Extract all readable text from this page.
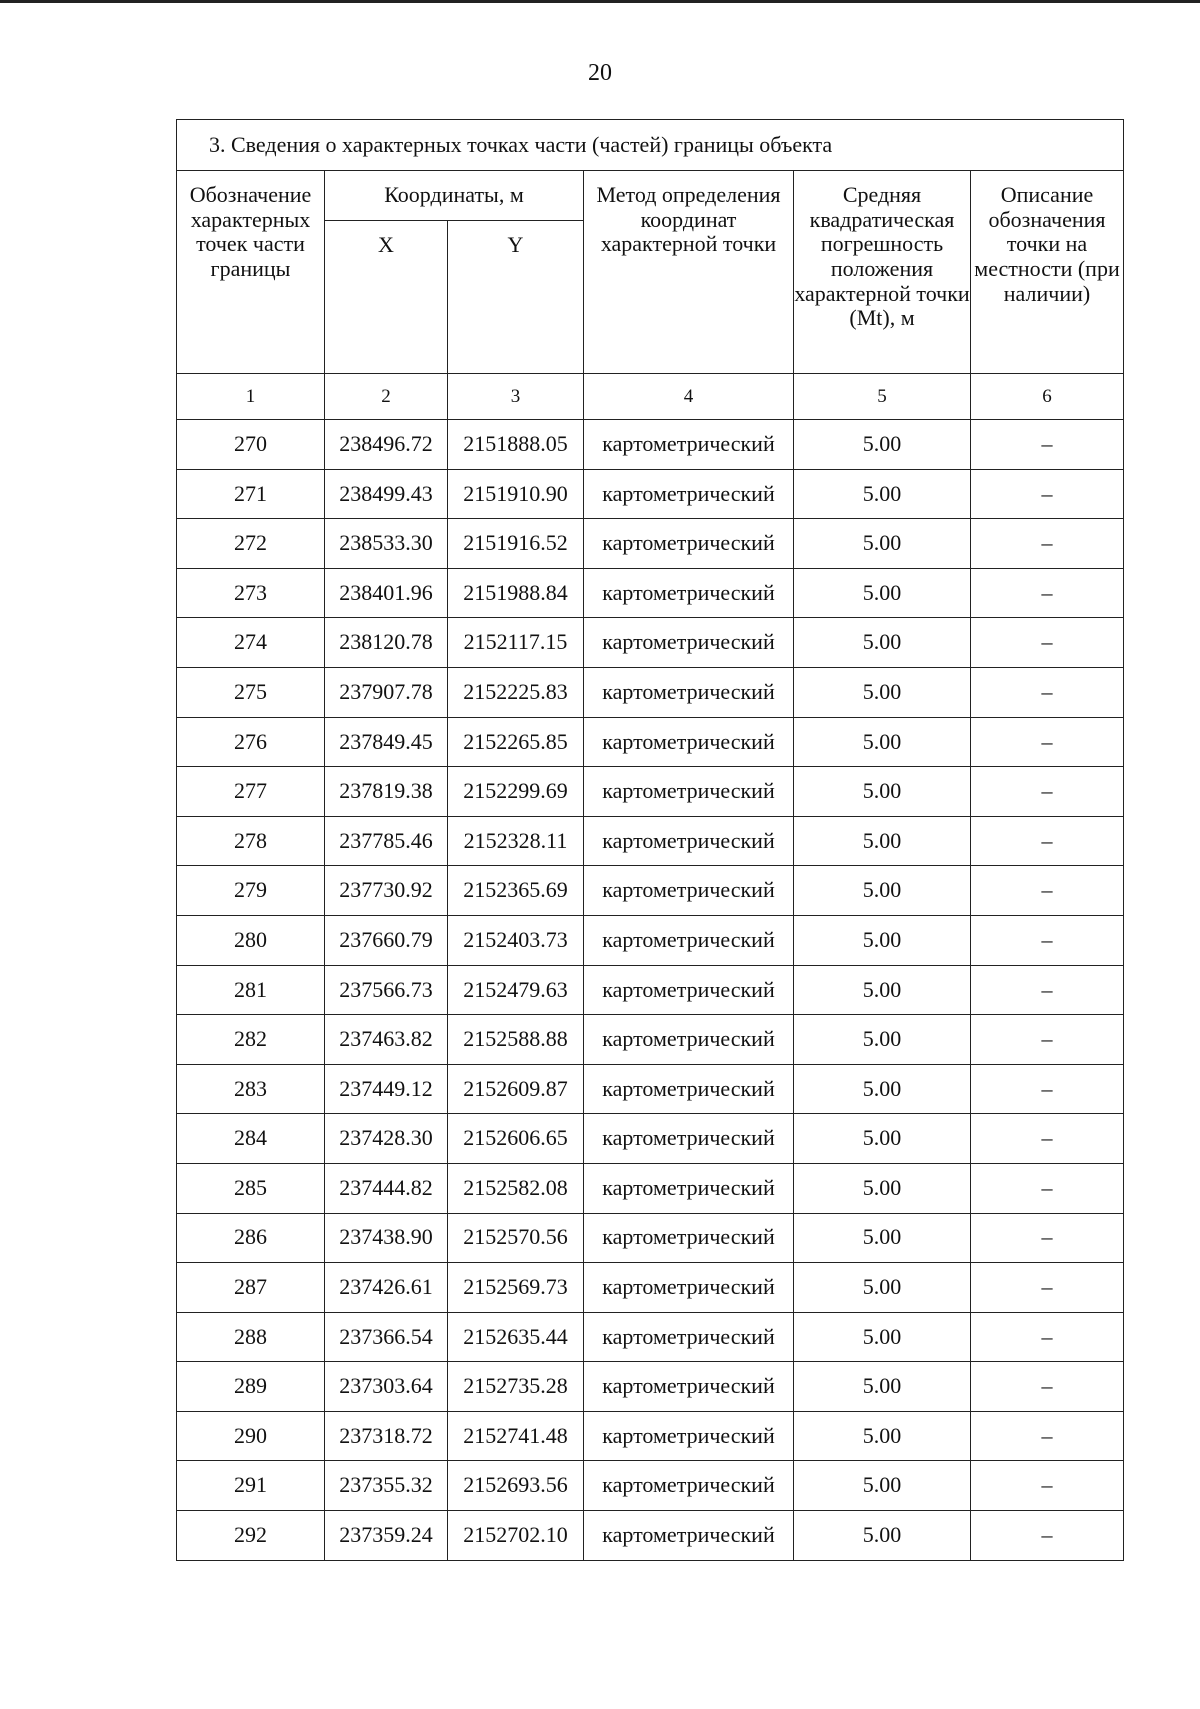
20
3. Сведения о характерных точках части (частей) границы объекта					
Обозначение характерных точек части границы	Координаты, м		Метод определения координат характерной точки	Средняя квадратическая погрешность положения характерной точки (Mt), м	Описание обозначения точки на местности (при наличии)
	X	Y			
1	2	3	4	5	6
270	238496.72	2151888.05	картометрический	5.00	–
271	238499.43	2151910.90	картометрический	5.00	–
272	238533.30	2151916.52	картометрический	5.00	–
273	238401.96	2151988.84	картометрический	5.00	–
274	238120.78	2152117.15	картометрический	5.00	–
275	237907.78	2152225.83	картометрический	5.00	–
276	237849.45	2152265.85	картометрический	5.00	–
277	237819.38	2152299.69	картометрический	5.00	–
278	237785.46	2152328.11	картометрический	5.00	–
279	237730.92	2152365.69	картометрический	5.00	–
280	237660.79	2152403.73	картометрический	5.00	–
281	237566.73	2152479.63	картометрический	5.00	–
282	237463.82	2152588.88	картометрический	5.00	–
283	237449.12	2152609.87	картометрический	5.00	–
284	237428.30	2152606.65	картометрический	5.00	–
285	237444.82	2152582.08	картометрический	5.00	–
286	237438.90	2152570.56	картометрический	5.00	–
287	237426.61	2152569.73	картометрический	5.00	–
288	237366.54	2152635.44	картометрический	5.00	–
289	237303.64	2152735.28	картометрический	5.00	–
290	237318.72	2152741.48	картометрический	5.00	–
291	237355.32	2152693.56	картометрический	5.00	–
292	237359.24	2152702.10	картометрический	5.00	–
